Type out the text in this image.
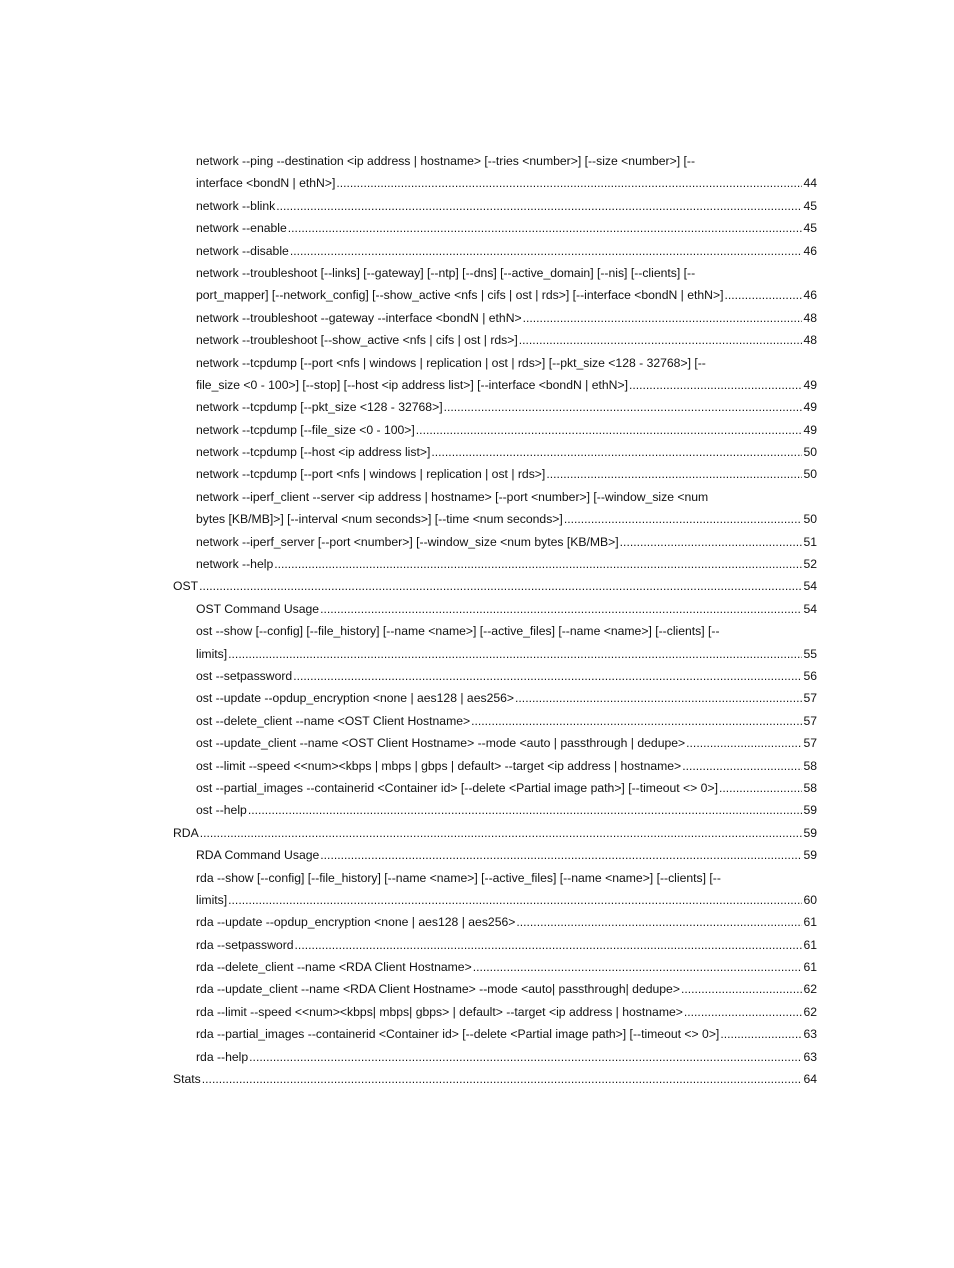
network --ping --destination <ip address | hostname> [--tries <number>] [--size <number>] [--
interface <bondN | ethN>] .....	44
network --blink .....	45
network --enable .....	45
network --disable .....	46
network --troubleshoot [--links] [--gateway] [--ntp] [--dns] [--active_domain] [--nis] [--clients] [--
port_mapper] [--network_config] [--show_active <nfs | cifs | ost | rds>] [--interface <bondN | ethN>] .....	46
network --troubleshoot --gateway --interface <bondN | ethN> .....	48
network --troubleshoot [--show_active <nfs | cifs | ost | rds>] .....	48
network --tcpdump [--port <nfs | windows | replication | ost | rds>] [--pkt_size <128 - 32768>] [--
file_size <0 - 100>] [--stop] [--host <ip address list>] [--interface <bondN | ethN>] .....	49
network --tcpdump [--pkt_size <128 - 32768>] .....	49
network --tcpdump [--file_size <0 - 100>] .....	49
network --tcpdump [--host <ip address list>] .....	50
network --tcpdump [--port <nfs | windows | replication | ost | rds>] .....	50
network --iperf_client --server <ip address | hostname> [--port <number>] [--window_size <num
bytes [KB/MB]>] [--interval <num seconds>] [--time <num seconds>] .....	50
network --iperf_server [--port <number>] [--window_size <num bytes [KB/MB>] .....	51
network --help .....	52
OST .....	54
OST Command Usage .....	54
ost --show [--config] [--file_history] [--name <name>] [--active_files] [--name <name>] [--clients] [--
limits] .....	55
ost --setpassword .....	56
ost --update --opdup_encryption <none | aes128 | aes256> .....	57
ost --delete_client --name <OST Client Hostname> .....	57
ost --update_client --name <OST Client Hostname> --mode <auto | passthrough | dedupe> .....	57
ost --limit --speed <<num><kbps | mbps | gbps | default> --target <ip address | hostname> .....	58
ost --partial_images --containerid <Container id> [--delete <Partial image path>] [--timeout <> 0>] .....	58
ost --help .....	59
RDA .....	59
RDA Command Usage .....	59
rda --show [--config] [--file_history] [--name <name>] [--active_files] [--name <name>] [--clients] [--
limits] .....	60
rda --update --opdup_encryption <none | aes128 | aes256> .....	61
rda --setpassword .....	61
rda --delete_client --name <RDA Client Hostname> .....	61
rda --update_client --name <RDA Client Hostname> --mode <auto| passthrough| dedupe> .....	62
rda --limit --speed <<num><kbps| mbps| gbps> | default> --target <ip address | hostname> .....	62
rda --partial_images --containerid <Container id> [--delete <Partial image path>] [--timeout <> 0>] .....	63
rda --help .....	63
Stats .....	64
